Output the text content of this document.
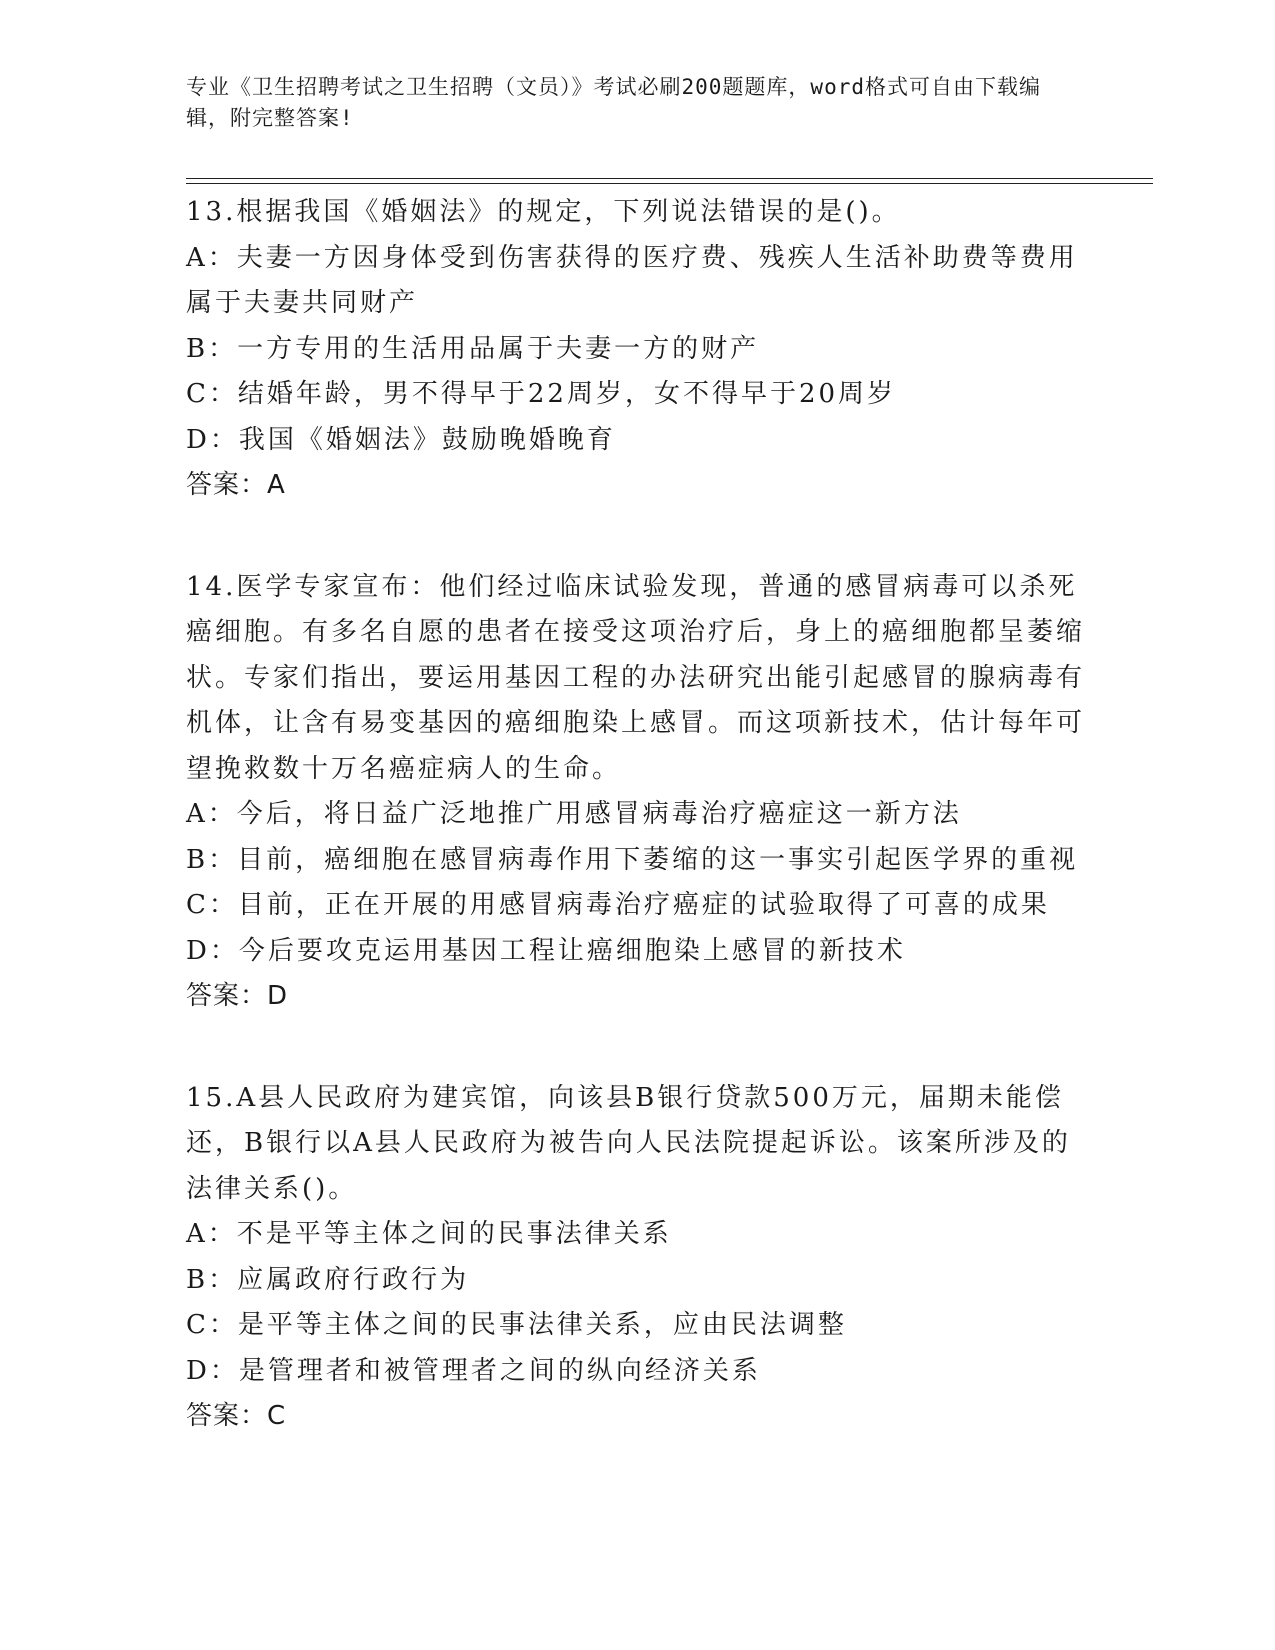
专业《卫生招聘考试之卫生招聘（文员）》考试必刷200题题库，word格式可自由下载编辑，附完整答案!
13.根据我国《婚姻法》的规定，下列说法错误的是()。
A：夫妻一方因身体受到伤害获得的医疗费、残疾人生活补助费等费用属于夫妻共同财产
B：一方专用的生活用品属于夫妻一方的财产
C：结婚年龄，男不得早于22周岁，女不得早于20周岁
D：我国《婚姻法》鼓励晚婚晚育
答案：A
14.医学专家宣布：他们经过临床试验发现，普通的感冒病毒可以杀死癌细胞。有多名自愿的患者在接受这项治疗后，身上的癌细胞都呈萎缩状。专家们指出，要运用基因工程的办法研究出能引起感冒的腺病毒有机体，让含有易变基因的癌细胞染上感冒。而这项新技术，估计每年可望挽救数十万名癌症病人的生命。
A：今后，将日益广泛地推广用感冒病毒治疗癌症这一新方法
B：目前，癌细胞在感冒病毒作用下萎缩的这一事实引起医学界的重视
C：目前，正在开展的用感冒病毒治疗癌症的试验取得了可喜的成果
D：今后要攻克运用基因工程让癌细胞染上感冒的新技术
答案：D
15.A县人民政府为建宾馆，向该县B银行贷款500万元，届期未能偿还，B银行以A县人民政府为被告向人民法院提起诉讼。该案所涉及的法律关系()。
A：不是平等主体之间的民事法律关系
B：应属政府行政行为
C：是平等主体之间的民事法律关系，应由民法调整
D：是管理者和被管理者之间的纵向经济关系
答案：C
